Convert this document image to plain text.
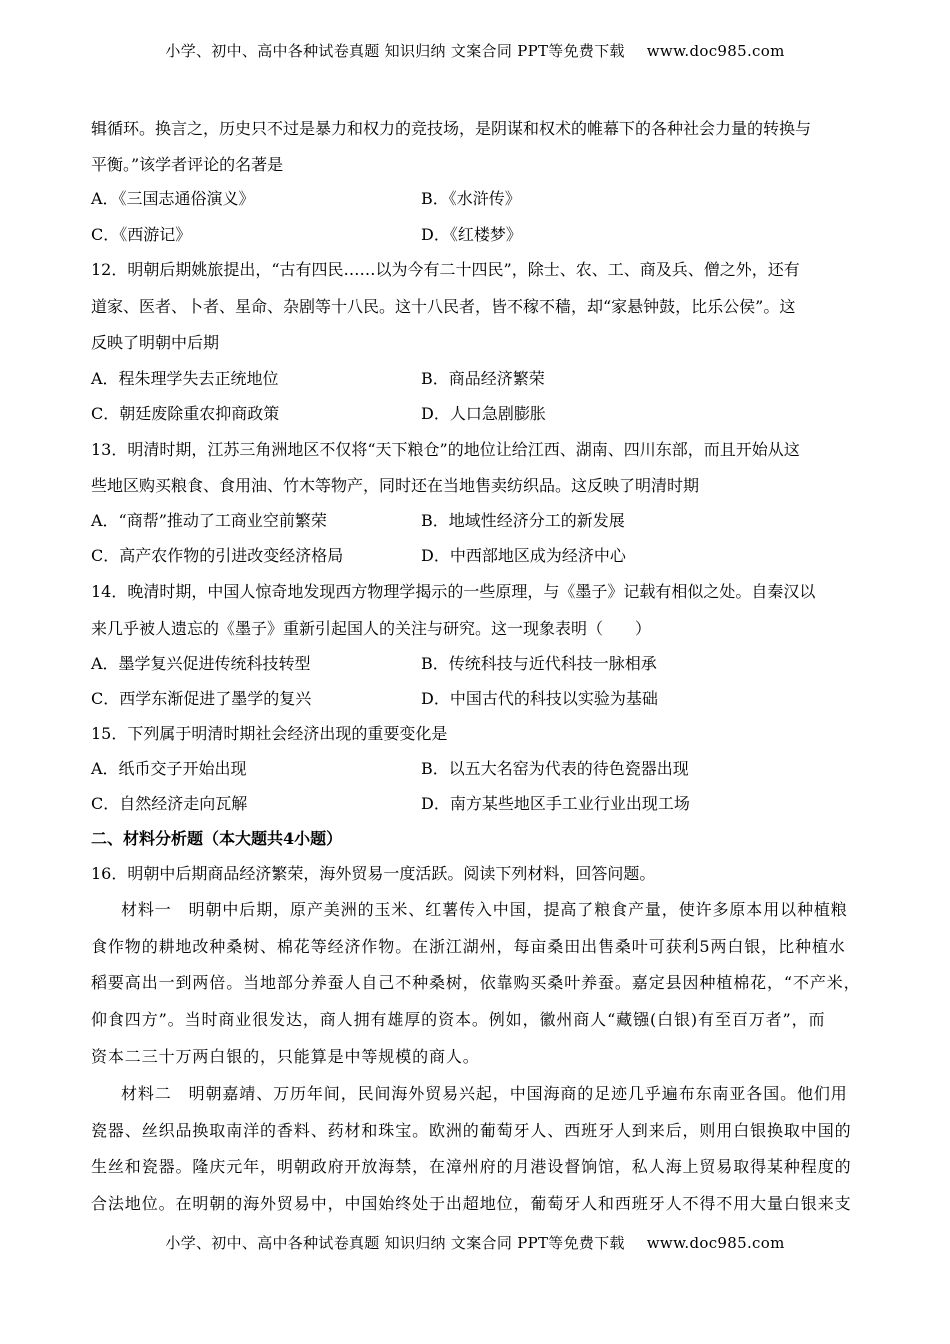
小学、初中、高中各种试卷真题 知识归纳 文案合同 PPT等免费下载 www.doc985.com
辑循环。换言之，历史只不过是暴力和权力的竞技场，是阴谋和权术的帷幕下的各种社会力量的转换与
平衡。”该学者评论的名著是
A．《三国志通俗演义》	B．《水浒传》
C．《西游记》	D．《红楼梦》
12．明朝后期姚旅提出，“古有四民……以为今有二十四民”，除士、农、工、商及兵、僧之外，还有
道家、医者、卜者、星命、杂剧等十八民。这十八民者，皆不稼不穑，却“家悬钟鼓，比乐公侯”。这
反映了明朝中后期
A．程朱理学失去正统地位	B．商品经济繁荣
C．朝廷废除重农抑商政策	D．人口急剧膨胀
13．明清时期，江苏三角洲地区不仅将“天下粮仓”的地位让给江西、湖南、四川东部，而且开始从这
些地区购买粮食、食用油、竹木等物产，同时还在当地售卖纺织品。这反映了明清时期
A．“商帮”推动了工商业空前繁荣	B．地域性经济分工的新发展
C．高产农作物的引进改变经济格局	D．中西部地区成为经济中心
14．晚清时期，中国人惊奇地发现西方物理学揭示的一些原理，与《墨子》记载有相似之处。自秦汉以
来几乎被人遗忘的《墨子》重新引起国人的关注与研究。这一现象表明（　　）
A．墨学复兴促进传统科技转型	B．传统科技与近代科技一脉相承
C．西学东渐促进了墨学的复兴	D．中国古代的科技以实验为基础
15．下列属于明清时期社会经济出现的重要变化是
A．纸币交子开始出现	B．以五大名窑为代表的待色瓷器出现
C．自然经济走向瓦解	D．南方某些地区手工业行业出现工场
二、材料分析题（本大题共4小题）
16．明朝中后期商品经济繁荣，海外贸易一度活跃。阅读下列材料，回答问题。
材料一　明朝中后期，原产美洲的玉米、红薯传入中国，提高了粮食产量，使许多原本用以种植粮
食作物的耕地改种桑树、棉花等经济作物。在浙江湖州，每亩桑田出售桑叶可获利5两白银，比种植水
稻要高出一到两倍。当地部分养蚕人自己不种桑树，依靠购买桑叶养蚕。嘉定县因种植棉花，“不产米，
仰食四方”。当时商业很发达，商人拥有雄厚的资本。例如，徽州商人“藏镪(白银)有至百万者”，而
资本二三十万两白银的，只能算是中等规模的商人。
材料二　明朝嘉靖、万历年间，民间海外贸易兴起，中国海商的足迹几乎遍布东南亚各国。他们用
瓷器、丝织品换取南洋的香料、药材和珠宝。欧洲的葡萄牙人、西班牙人到来后，则用白银换取中国的
生丝和瓷器。隆庆元年，明朝政府开放海禁，在漳州府的月港设督饷馆，私人海上贸易取得某种程度的
合法地位。在明朝的海外贸易中，中国始终处于出超地位，葡萄牙人和西班牙人不得不用大量白银来支
小学、初中、高中各种试卷真题 知识归纳 文案合同 PPT等免费下载 www.doc985.com
